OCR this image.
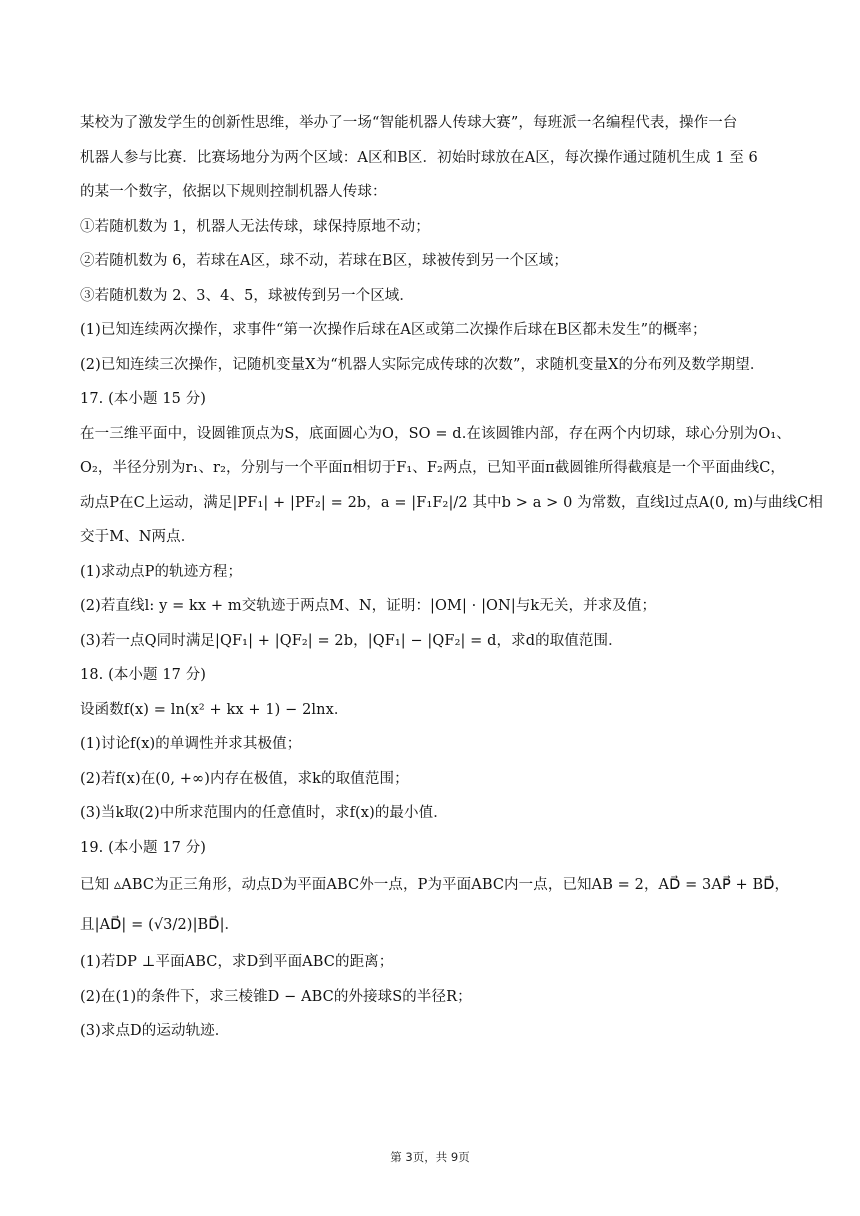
某校为了激发学生的创新性思维，举办了一场“智能机器人传球大赛”，每班派一名编程代表，操作一台
机器人参与比赛．比赛场地分为两个区域：A区和B区．初始时球放在A区，每次操作通过随机生成 1 至 6
的某一个数字，依据以下规则控制机器人传球：
①若随机数为 1，机器人无法传球，球保持原地不动；
②若随机数为 6，若球在A区，球不动，若球在B区，球被传到另一个区域；
③若随机数为 2、3、4、5，球被传到另一个区域．
(1)已知连续两次操作，求事件“第一次操作后球在A区或第二次操作后球在B区都未发生”的概率；
(2)已知连续三次操作，记随机变量X为“机器人实际完成传球的次数”，求随机变量X的分布列及数学期望．
17. (本小题 15 分)
在一三维平面中，设圆锥顶点为S，底面圆心为O，SO = d.在该圆锥内部，存在两个内切球，球心分别为O₁、
O₂，半径分别为r₁、r₂，分别与一个平面π相切于F₁、F₂两点，已知平面π截圆锥所得截痕是一个平面曲线C，
动点P在C上运动，满足|PF₁| + |PF₂| = 2b，a = |F₁F₂|/2 其中b > a > 0 为常数，直线l过点A(0, m)与曲线C相
交于M、N两点．
(1)求动点P的轨迹方程；
(2)若直线l: y = kx + m交轨迹于两点M、N，证明：|OM| · |ON|与k无关，并求及值；
(3)若一点Q同时满足|QF₁| + |QF₂| = 2b，|QF₁| − |QF₂| = d，求d的取值范围．
18. (本小题 17 分)
设函数f(x) = ln(x² + kx + 1) − 2lnx．
(1)讨论f(x)的单调性并求其极值；
(2)若f(x)在(0, +∞)内存在极值，求k的取值范围；
(3)当k取(2)中所求范围内的任意值时，求f(x)的最小值．
19. (本小题 17 分)
已知 ▵ABC为正三角形，动点D为平面ABC外一点，P为平面ABC内一点，已知AB = 2，AD⃗ = 3AP⃗ + BD⃗，
且|AD⃗| = (√3/2)|BD⃗|．
(1)若DP ⊥平面ABC，求D到平面ABC的距离；
(2)在(1)的条件下，求三棱锥D − ABC的外接球S的半径R；
(3)求点D的运动轨迹．
第 3页，共 9页
